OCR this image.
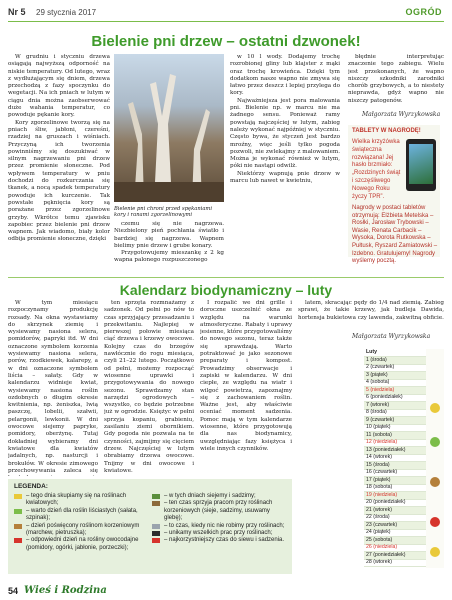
Nr 5 29 stycznia 2017	OGRÓD
Bielenie pni drzew – ostatni dzwonek!

W grudniu i styczniu drzewa osiągają najwyższą odporność na niskie temperatury. Od lutego, wraz z wydłużającym się dniem, drzewa przechodzą z fazy spoczynku do wegetacji. Na ich pniach w lutym w ciągu dnia można zaobserwować duże wahania temperatur, co powoduje pękanie kory.

Kory zgorzelinowe tworzą się na pniach śliw, jabłoni, czereśni, rzadziej na gruszach i wiśniach. Przyczyną ich tworzenia powinniśmy się doszukiwać w silnym nagrzewaniu pni drzew przez promienie słoneczne. Pod wpływem temperatury w pniu dochodzi do rozkurczania się tkanek, a nocą spadek temperatury powoduje ich kurczenie. Tak powstałe pęknięcia kory są porażane przez zgorzelinowe grzyby. Wkrótce temu zjawisku zapobiec przez bielenie pni drzew wapnem. Jak wiadomo, biały kolor odbija promienie słoneczne, dzięki

Bielenie pni chroni przed spękaniami kory i ranami zgorzelinowymi

czemu się nie nagrzewa. Niezbielony pień pochłania światło i bardziej się nagrzewa. Wapnem bielimy pnie drzew i grube konary.

Przygotowujemy mieszankę z 2 kg wapna palonego rozpuszczonego

w 10 l wody. Dodajemy trochę rozrobionej gliny lub klajster z mąki oraz trochę krowieńca. Dzięki tym dodatkom nasze wapno nie zmywa się łatwo przez deszcz i lepiej przylega do kory.

Najważniejsza jest pora malowania pni. Bielenie np. w marcu nie ma żadnego sensu. Ponieważ ramy powstają najczęściej w lutym, zabieg należy wykonać najpóźniej w styczniu. Często bywa, że styczeń jest bardzo mroźny, więc jeśli tylko pogoda pozwoli, nie zwlekajmy z malowaniem. Można je wykonać również w lutym, póki nie nastąpi odwilż.

Niektórzy wapnują pnie drzew w marcu lub nawet w kwietniu,

błędnie interpretując znaczenie tego zabiegu. Wielu jest przekonanych, że wapno niszczy szkodniki zarodniki chorób grzybowych, a to niestety nieprawda, gdyż wapno nie niszczy patogenów.

Małgorzata Wyrzykowska
TABLETY W NAGRODĘ!
Wielka krzyżówka świąteczna rozwiązana! Jej hasło brzmiało: „Rozdzinych świąt i szczęśliwego Nowego Roku życzy TPR”.
Nagrody w postaci tabletów otrzymują: Elżbieta Metelska – Rosłki, Jarosław Trybowski – Wasie, Renata Carbacik – Wysoka, Dorota Rutkowska – Pułtusk, Ryszard Zamiatowski – Izdebno. Gratulujemy! Nagrody wyślemy pocztą.
Kalendarz biodynamiczny – luty

W tym miesiącu rozpoczynamy produkcję rozsady. Na okna wystawiamy do skrzynek ziemię i wysiewamy nasiona selera, pomidorów, papryki itd. W dni oznaczone symbolem korzenia wysiewamy nasiona selera, porów, rzodkiewek, kalarepy, a w dni oznaczone symbolem liścia – sałaty. Gdy w kalendarzu widnieje kwiat, wysiewamy nasiona roślin ozdobnych o długim okresie kwitnienia, np. żeniszka, lwią paszczę, lobelii, szałwii, pelargonii, lewkonii. W dni owocowe siejemy papryke, pomidory, oberżynę. Tutaj dokładniej wybieramy dni kwiatowe dla kwiatów jadalnych, np. nasturcji i brokułów. W okresie zimowego przechowywania zaleca się

ten sprzęta rozmnażamy z sadzonek. Od pełni po nów to czas sprzyjający przesadzaniu i przekwitaniu. Najlepiej w pierwszej połowie miesiąca ciąć drzewa i krzewy owocowe. Kolejny czas do brzegów nawłócznie do rogu miesiąca, czyli 21–22 lutego. Początkowo od pełni, możemy rozpocząć wiosenne uprawki i przygotowywania do nowego sezonu. Sprawdzamy stan narzędzi ogrodowych – wszystko, co będzie potrzebne już w ogrodzie. Księżyc w pełni sprzyja kopaniu, grabieniu, zasilaniu ziemi obornikiem. Gdy pogoda nie pozwala na te czynności, zajmijmy się cięciem drzew. Najczęściej w lutym obrabiamy drzewa owocowe. Tnijmy w dni owocowe i kwiatowe.

I rozpalić we dni grille i doroczne uszczelnić okna ze względu na warunki atmosferyczne. Rabaty i uprawy jesienne, które przygotowaliśmy do nowego sezonu, teraz także się sprawdzają. Warto potraktować je jako sezonowe preparaty i kompost. Prowadzimy obserwacje i zapiski w kalendarzu. W dni ciepłe, ze względu na wiatr i wilgoć powietrza, zapoznajmy się z zachowaniem roślin. Ważne jest, aby właściwie oceniać moment sadzenia. Pomoc mają w tym kalendarze wiosenne, które przygotowują dla nas biodynamicy, uwzględniając fazy księżyca i wiele innych czynników.

latem, skracając pędy do 1/4 nad ziemią. Zabieg sprawi, że takie krzewy, jak budleja Dawida, hortensja bukietowa czy lawenda, zakwitną obficie.

Małgorzata Wyrzykowska
LEGENDA:
– tego dnia skupiamy się na roślinach kwiatowych;
– warto dzień dla roślin liściastych (sałata, szpinak);
– dzień poświęcony roślinom korzeniowym (marchew, pietruszka);
– odpowiedni dzień na rośliny owocodajne (pomidory, ogórki, jabłonie, porzeczki);
– w tych dniach siejemy i sadzimy;
– ten czas sprzyja pracom przy roślinach korzeniowych (sieje, sadzimy, usuwamy glebę);
– to czas, kiedy nic nie robimy przy roślinach;
– unikamy wszelkich prac przy roślinach;
– najkorzystniejszy czas do siewu i sadzenia.
Luty
1 (środa)
2 (czwartek)
3 (piątek)
4 (sobota)
5 (niedziela)
6 (poniedziałek)
7 (wtorek)
8 (środa)
9 (czwartek)
10 (piątek)
11 (sobota)
12 (niedziela)
13 (poniedziałek)
14 (wtorek)
15 (środa)
16 (czwartek)
17 (piątek)
18 (sobota)
19 (niedziela)
20 (poniedziałek)
21 (wtorek)
22 (środa)
23 (czwartek)
24 (piątek)
25 (sobota)
26 (niedziela)
27 (poniedziałek)
28 (wtorek)
54 Wieś i Rodzina
